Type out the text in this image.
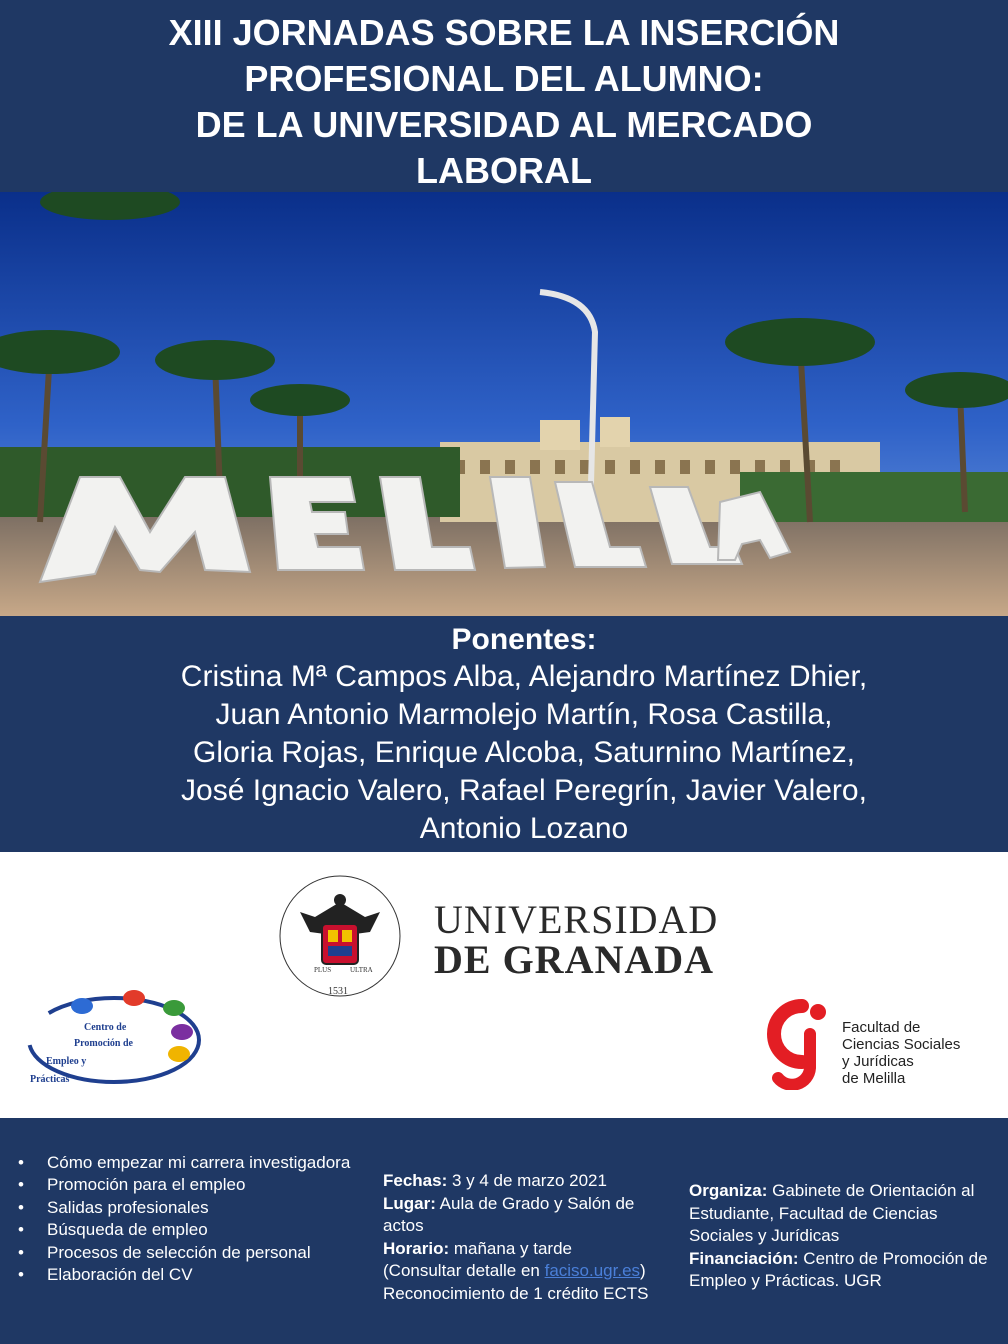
XIII JORNADAS SOBRE LA INSERCIÓN
PROFESIONAL DEL ALUMNO:
DE LA UNIVERSIDAD AL MERCADO
LABORAL
Ponentes:
Cristina Mª Campos Alba, Alejandro Martínez Dhier,
Juan Antonio Marmolejo Martín, Rosa Castilla,
Gloria Rojas, Enrique Alcoba, Saturnino Martínez,
José Ignacio Valero, Rafael Peregrín, Javier Valero,
Antonio Lozano
PLUS	ULTRA
1531
UNIVERSIDAD
DE GRANADA
Centro de
Promoción de
Empleo y
Prácticas
Facultad de
Ciencias Sociales
y Jurídicas
de Melilla
• Cómo empezar mi carrera investigadora
• Promoción para el empleo
• Salidas profesionales
• Búsqueda de empleo
• Procesos de selección de personal
• Elaboración del CV
Fechas: 3 y 4 de marzo 2021
Lugar: Aula de Grado y Salón de actos
Horario: mañana y tarde
(Consultar detalle en faciso.ugr.es)
Reconocimiento de 1 crédito ECTS
Organiza: Gabinete de Orientación al Estudiante, Facultad de Ciencias Sociales y Jurídicas
Financiación: Centro de Promoción de Empleo y Prácticas. UGR
